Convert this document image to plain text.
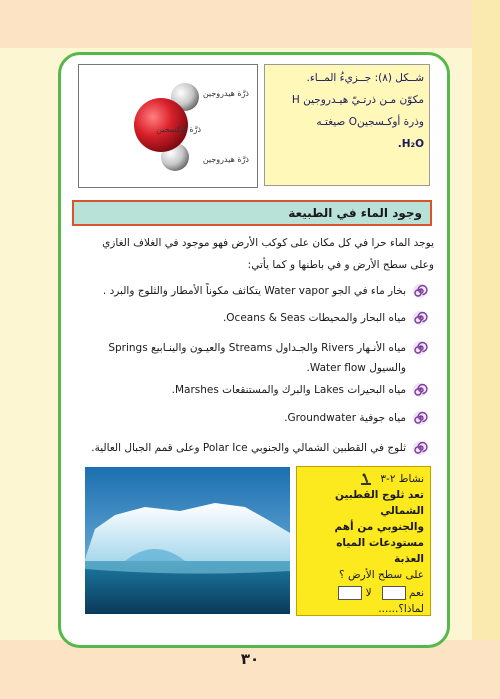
ذرَّة هيدروجين
ذرَّة أوكسجين
ذرَّة هيدروجين
شــكل (٨): جــزيءُ المــاء.
مكوّن مـن ذرتـيّ هيـدروجين H
وذرة أوكـسجينO صيغتـه
H₂O.
وجود الماء في الطبيعة
يوجد الماء حرا في كل مكان على كوكب الأرض فهو موجود في الغلاف الغازي
وعلى سطح الأرض و في باطنها و كما يأتي:
بخار ماء في الجو Water vapor يتكاثف مكوناً الأمطار والثلوج والبرد .
مياه البحار والمحيطات Oceans & Seas.
مياه الأنـهار Rivers والجـداول Streams والعيـون والينـابيع Springs
والسيول Water flow.
مياه البحيرات Lakes والبرك والمستنقعات Marshes.
مياه جوفية Groundwater.
ثلوج في القطبين الشمالي والجنوبي Polar Ice وعلى قمم الجبال العالية.
نشاط ٢-٣
تعد ثلوج القطبين الشمالي
والجنوبي من أهم
مستودعات المياه العذبة
على سطح الأرض ؟
نعم    لا
لماذا؟......
٣٠
